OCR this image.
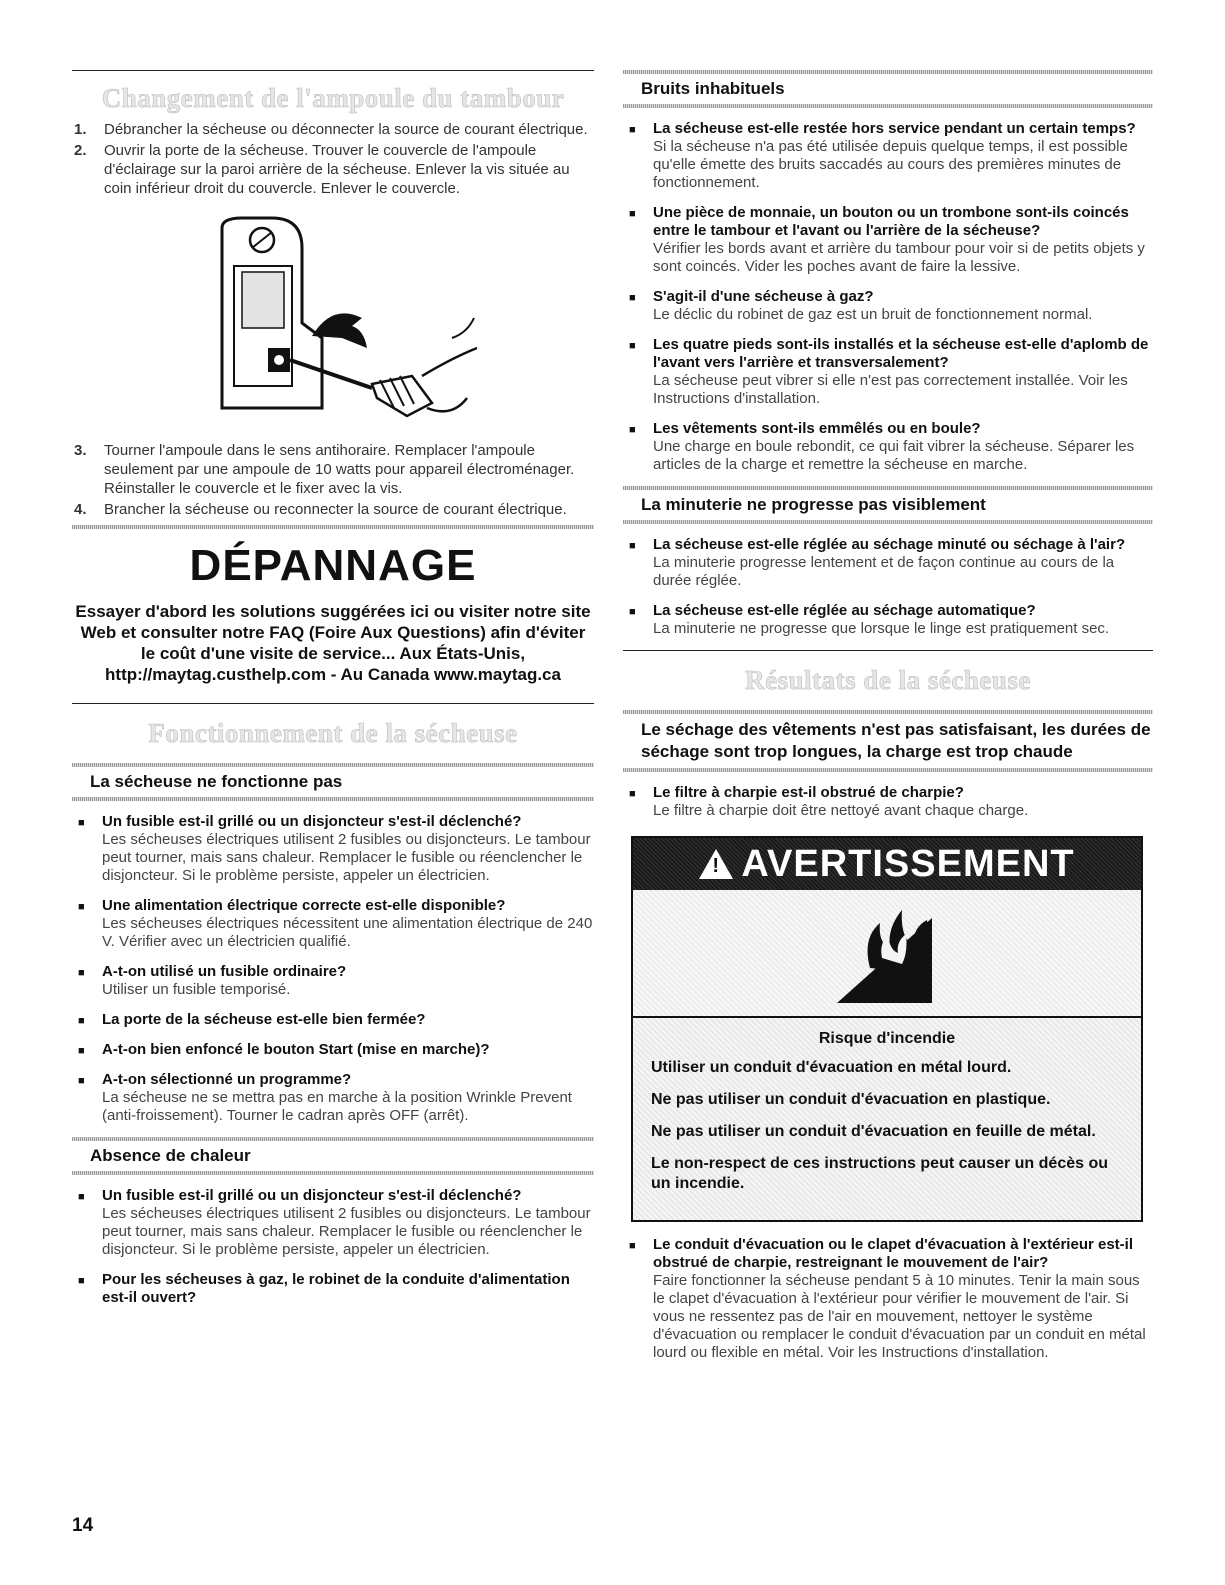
Changement de l'ampoule du tambour
1.	Débrancher la sécheuse ou déconnecter la source de courant électrique.
2.	Ouvrir la porte de la sécheuse. Trouver le couvercle de l'ampoule d'éclairage sur la paroi arrière de la sécheuse. Enlever la vis située au coin inférieur droit du couvercle. Enlever le couvercle.
3.	Tourner l'ampoule dans le sens antihoraire. Remplacer l'ampoule seulement par une ampoule de 10 watts pour appareil électroménager. Réinstaller le couvercle et le fixer avec la vis.
4.	Brancher la sécheuse ou reconnecter la source de courant électrique.
DÉPANNAGE

Essayer d'abord les solutions suggérées ici ou visiter notre site Web et consulter notre FAQ (Foire Aux Questions) afin d'éviter le coût d'une visite de service... Aux États-Unis, http://maytag.custhelp.com - Au Canada www.maytag.ca

Fonctionnement de la sécheuse
La sécheuse ne fonctionne pas
■	Un fusible est-il grillé ou un disjoncteur s'est-il déclenché?
Les sécheuses électriques utilisent 2 fusibles ou disjoncteurs. Le tambour peut tourner, mais sans chaleur. Remplacer le fusible ou réenclencher le disjoncteur. Si le problème persiste, appeler un électricien.
■	Une alimentation électrique correcte est-elle disponible?
Les sécheuses électriques nécessitent une alimentation électrique de 240 V. Vérifier avec un électricien qualifié.
■	A-t-on utilisé un fusible ordinaire?
Utiliser un fusible temporisé.
■	La porte de la sécheuse est-elle bien fermée?
■	A-t-on bien enfoncé le bouton Start (mise en marche)?
■	A-t-on sélectionné un programme?
La sécheuse ne se mettra pas en marche à la position Wrinkle Prevent (anti-froissement). Tourner le cadran après OFF (arrêt).
Absence de chaleur
■	Un fusible est-il grillé ou un disjoncteur s'est-il déclenché?
Les sécheuses électriques utilisent 2 fusibles ou disjoncteurs. Le tambour peut tourner, mais sans chaleur. Remplacer le fusible ou réenclencher le disjoncteur. Si le problème persiste, appeler un électricien.
■	Pour les sécheuses à gaz, le robinet de la conduite d'alimentation est-il ouvert?
Bruits inhabituels
■	La sécheuse est-elle restée hors service pendant un certain temps?
Si la sécheuse n'a pas été utilisée depuis quelque temps, il est possible qu'elle émette des bruits saccadés au cours des premières minutes de fonctionnement.
■	Une pièce de monnaie, un bouton ou un trombone sont-ils coincés entre le tambour et l'avant ou l'arrière de la sécheuse?
Vérifier les bords avant et arrière du tambour pour voir si de petits objets y sont coincés. Vider les poches avant de faire la lessive.
■	S'agit-il d'une sécheuse à gaz?
Le déclic du robinet de gaz est un bruit de fonctionnement normal.
■	Les quatre pieds sont-ils installés et la sécheuse est-elle d'aplomb de l'avant vers l'arrière et transversalement?
La sécheuse peut vibrer si elle n'est pas correctement installée. Voir les Instructions d'installation.
■	Les vêtements sont-ils emmêlés ou en boule?
Une charge en boule rebondit, ce qui fait vibrer la sécheuse. Séparer les articles de la charge et remettre la sécheuse en marche.
La minuterie ne progresse pas visiblement
■	La sécheuse est-elle réglée au séchage minuté ou séchage à l'air?
La minuterie progresse lentement et de façon continue au cours de la durée réglée.
■	La sécheuse est-elle réglée au séchage automatique?
La minuterie ne progresse que lorsque le linge est pratiquement sec.
Résultats de la sécheuse
Le séchage des vêtements n'est pas satisfaisant, les durées de séchage sont trop longues, la charge est trop chaude
■	Le filtre à charpie est-il obstrué de charpie?
Le filtre à charpie doit être nettoyé avant chaque charge.
! AVERTISSEMENT
Risque d'incendie

Utiliser un conduit d'évacuation en métal lourd.

Ne pas utiliser un conduit d'évacuation en plastique.

Ne pas utiliser un conduit d'évacuation en feuille de métal.

Le non-respect de ces instructions peut causer un décès ou un incendie.

■	Le conduit d'évacuation ou le clapet d'évacuation à l'extérieur est-il obstrué de charpie, restreignant le mouvement de l'air?
Faire fonctionner la sécheuse pendant 5 à 10 minutes. Tenir la main sous le clapet d'évacuation à l'extérieur pour vérifier le mouvement de l'air. Si vous ne ressentez pas de l'air en mouvement, nettoyer le système d'évacuation ou remplacer le conduit d'évacuation par un conduit en métal lourd ou flexible en métal. Voir les Instructions d'installation.
14
